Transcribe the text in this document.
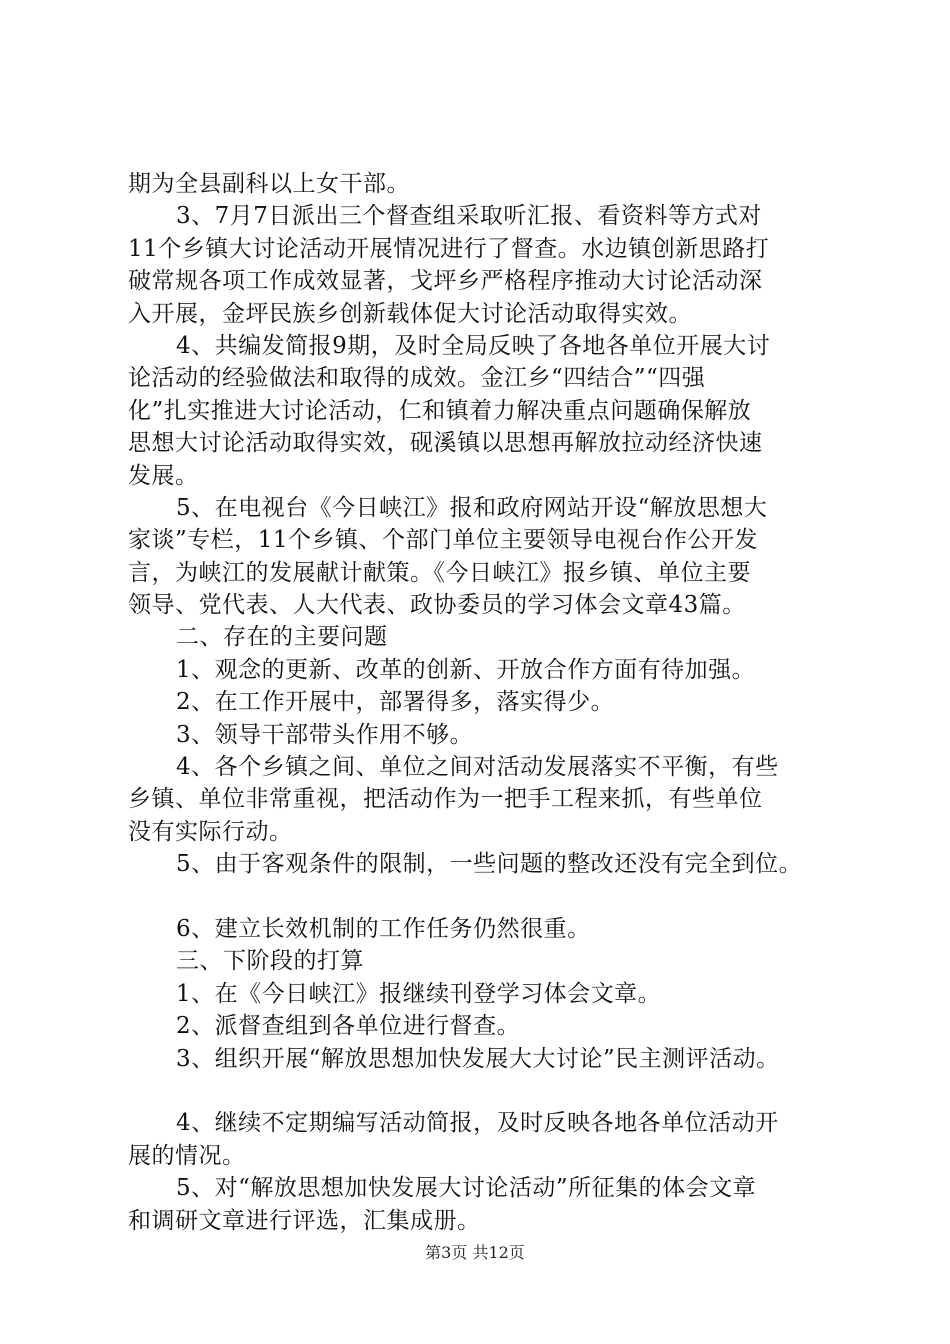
期为全县副科以上女干部。
3、7月7日派出三个督查组采取听汇报、看资料等方式对
11个乡镇大讨论活动开展情况进行了督查。水边镇创新思路打
破常规各项工作成效显著，戈坪乡严格程序推动大讨论活动深
入开展，金坪民族乡创新载体促大讨论活动取得实效。
4、共编发简报9期，及时全局反映了各地各单位开展大讨
论活动的经验做法和取得的成效。金江乡“四结合”“四强
化”扎实推进大讨论活动，仁和镇着力解决重点问题确保解放
思想大讨论活动取得实效，砚溪镇以思想再解放拉动经济快速
发展。
5、在电视台《今日峡江》报和政府网站开设“解放思想大
家谈”专栏，11个乡镇、个部门单位主要领导电视台作公开发
言，为峡江的发展献计献策。《今日峡江》报乡镇、单位主要
领导、党代表、人大代表、政协委员的学习体会文章43篇。
二、存在的主要问题
1、观念的更新、改革的创新、开放合作方面有待加强。
2、在工作开展中，部署得多，落实得少。
3、领导干部带头作用不够。
4、各个乡镇之间、单位之间对活动发展落实不平衡，有些
乡镇、单位非常重视，把活动作为一把手工程来抓，有些单位
没有实际行动。
5、由于客观条件的限制，一些问题的整改还没有完全到位。
6、建立长效机制的工作任务仍然很重。
三、下阶段的打算
1、在《今日峡江》报继续刊登学习体会文章。
2、派督查组到各单位进行督查。
3、组织开展“解放思想加快发展大大讨论”民主测评活动。
4、继续不定期编写活动简报，及时反映各地各单位活动开
展的情况。
5、对“解放思想加快发展大讨论活动”所征集的体会文章
和调研文章进行评选，汇集成册。
第3页 共12页
